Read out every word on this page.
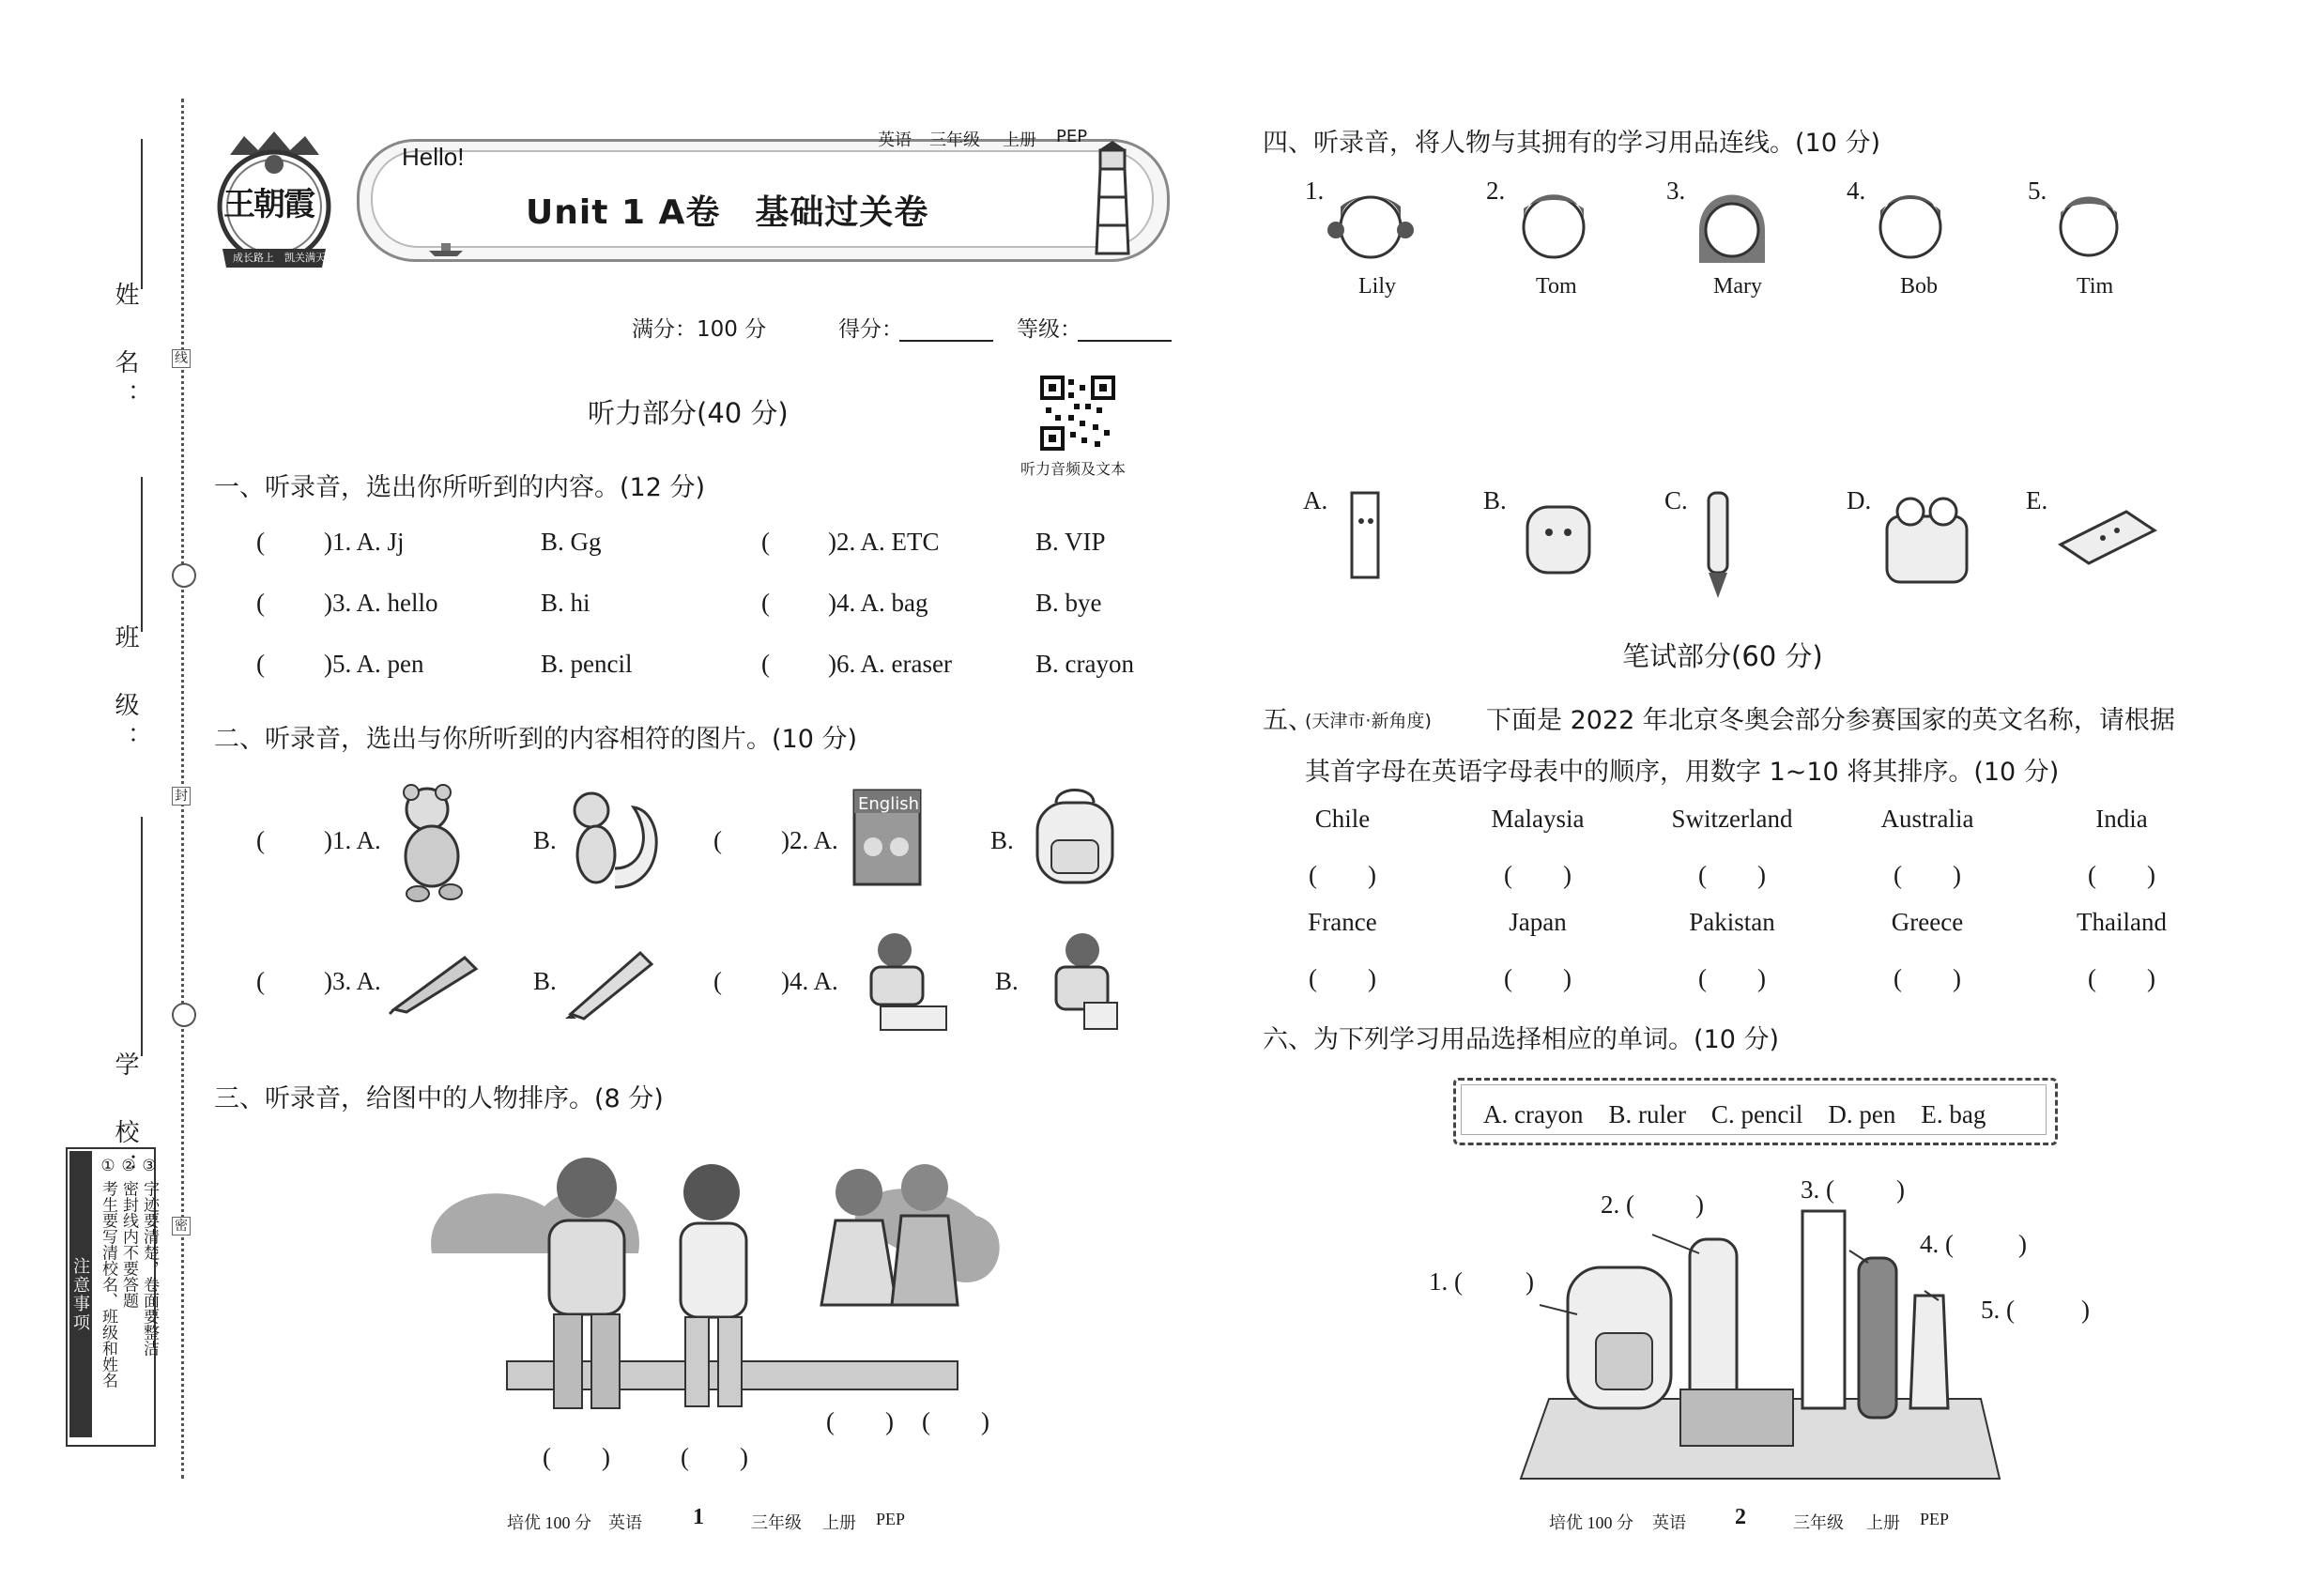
姓　名：
班　级：
学　校：
线
封
密
注意事项 ① 考生要写清校名、班级和姓名 ② 密封线内不要答题 ③ 字迹要清楚，卷面要整洁
王朝霞
成长路上　凯关满天
Hello!
Unit 1 A卷　基础过关卷
英语 三年级 上册 PEP
满分：100 分	得分：	等级：
听力音频及文本
听力部分(40 分)
一、听录音，选出你所听到的内容。(12 分)
( )1. A. Jj	B. Gg	( )2. A. ETC	B. VIP
( )3. A. hello	B. hi	( )4. A. bag	B. bye
( )5. A. pen	B. pencil	( )6. A. eraser	B. crayon
二、听录音，选出与你所听到的内容相符的图片。(10 分)
( )1. A.	B.	( )2. A.
English
B.
( )3. A.	B.	( )4. A.	B.
三、听录音，给图中的人物排序。(8 分)
(　　)	(　　)
(　　) (　　)
培优 100 分 英语 1	三年级 上册 PEP
四、听录音，将人物与其拥有的学习用品连线。(10 分)
1.
Lily
2.
Tom
3.
Mary
4.
Bob
5.
Tim
A.	B.	C.	D.	E.
笔试部分(60 分)
五、
(天津市·新角度) 下面是 2022 年北京冬奥会部分参赛国家的英文名称，请根据
其首字母在英语字母表中的顺序，用数字 1~10 将其排序。(10 分)
Chile	Malaysia	Switzerland	Australia	India
(　　)	(　　)	(　　)	(　　)	(　　)
France	Japan	Pakistan	Greece	Thailand
(　　)	(　　)	(　　)	(　　)	(　　)
六、为下列学习用品选择相应的单词。(10 分)
A. crayon　B. ruler　C. pencil　D. pen　E. bag
1. ( )
2. ( )
3. ( )
4. (	)
5. (	)
培优 100 分 英语 2	三年级 上册 PEP
